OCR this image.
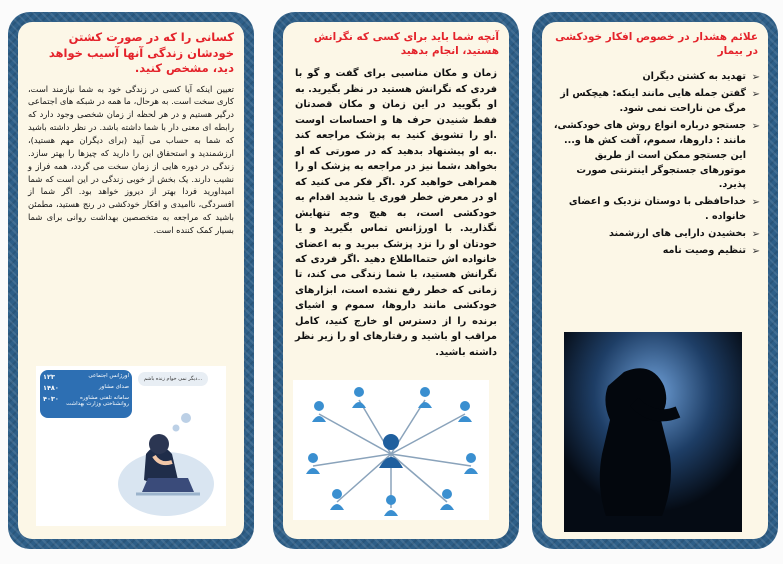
کسانی را که در صورت کشتن خودشان زندگی آنها آسیب خواهد دید، مشخص کنید.
تعیین اینکه آیا کسی در زندگی خود به شما نیازمند است، کاری سخت است. به هرحال، ما همه در شبکه های اجتماعی درگیر هستیم و در هر لحظه از زمان شخصی وجود دارد که رابطه ای معنی دار با شما داشته باشد. در نظر داشته باشید که شما به حساب می آیید (برای دیگران مهم هستید)، ارزشمندید و استحقاق این را دارید که چیزها را بهتر سازد. زندگی در دوره هایی از زمان سخت می گردد، همه فراز و نشیب دارند. یک بخش از خوبی زندگی در این است که شما امیداورید فردا بهتر از دیروز خواهد بود. اگر شما از افسردگی، ناامیدی و افکار خودکشی در رنج هستید، مطمئن باشید که مراجعه به متخصصین بهداشت روانی برای شما بسیار کمک کننده است.
اورژانس اجتماعی
۱۲۳
صدای مشاور
۱۴۸۰
سامانه تلفنی مشاوره روانشناختی وزارت بهداشت
۴۰۳۰
...دیگر نمی خوام زنده باشم
آنچه شما باید برای کسی که نگرانش هستید، انجام بدهید
زمان و مکان مناسبی برای گفت و گو با فردی که نگرانش هستید در نظر بگیرید. به او بگویید در این زمان و مکان قصدتان فقط شنیدن حرف ها و احساسات اوست .او را تشویق کنید به پزشک مراجعه کند .به او پیشنهاد بدهید که در صورتی که او بخواهد ،شما نیز در مراجعه به پزشک او را همراهی خواهید کرد .اگر فکر می کنید که او در معرض خطر فوری یا شدید اقدام به خودکشی است، به هیچ وجه تنهایش نگذارید. با اورژانس تماس بگیرید و یا خودتان او را نزد پزشک ببرید و به اعضای خانواده اش حتمااطلاع دهید .اگر فردی که نگرانش هستید، با شما زندگی می کند، تا زمانی که خطر رفع نشده است، ابزارهای خودکشی مانند داروها، سموم و اشیای برنده را از دسترس او خارج کنید، کامل مراقب او باشید و رفتارهای او را زیر نظر داشته باشید.
علائم هشدار در خصوص افکار خودکشی در بیمار
➢
تهدید به کشتن دیگران
➢
گفتن جمله هایی مانند اینکه: هیچکس از مرگ من ناراحت نمی شود.
➢
جستجو درباره انواع روش های خودکشی، مانند : داروها، سموم، آفت کش ها و... این جستجو ممکن است از طریق موتورهای جستجوگر اینترنتی صورت پذیرد.
➢
خداحافظی با دوستان نزدیک و اعضای خانواده .
➢
بخشیدن دارایی های ارزشمند
➢
تنظیم وصیت نامه
